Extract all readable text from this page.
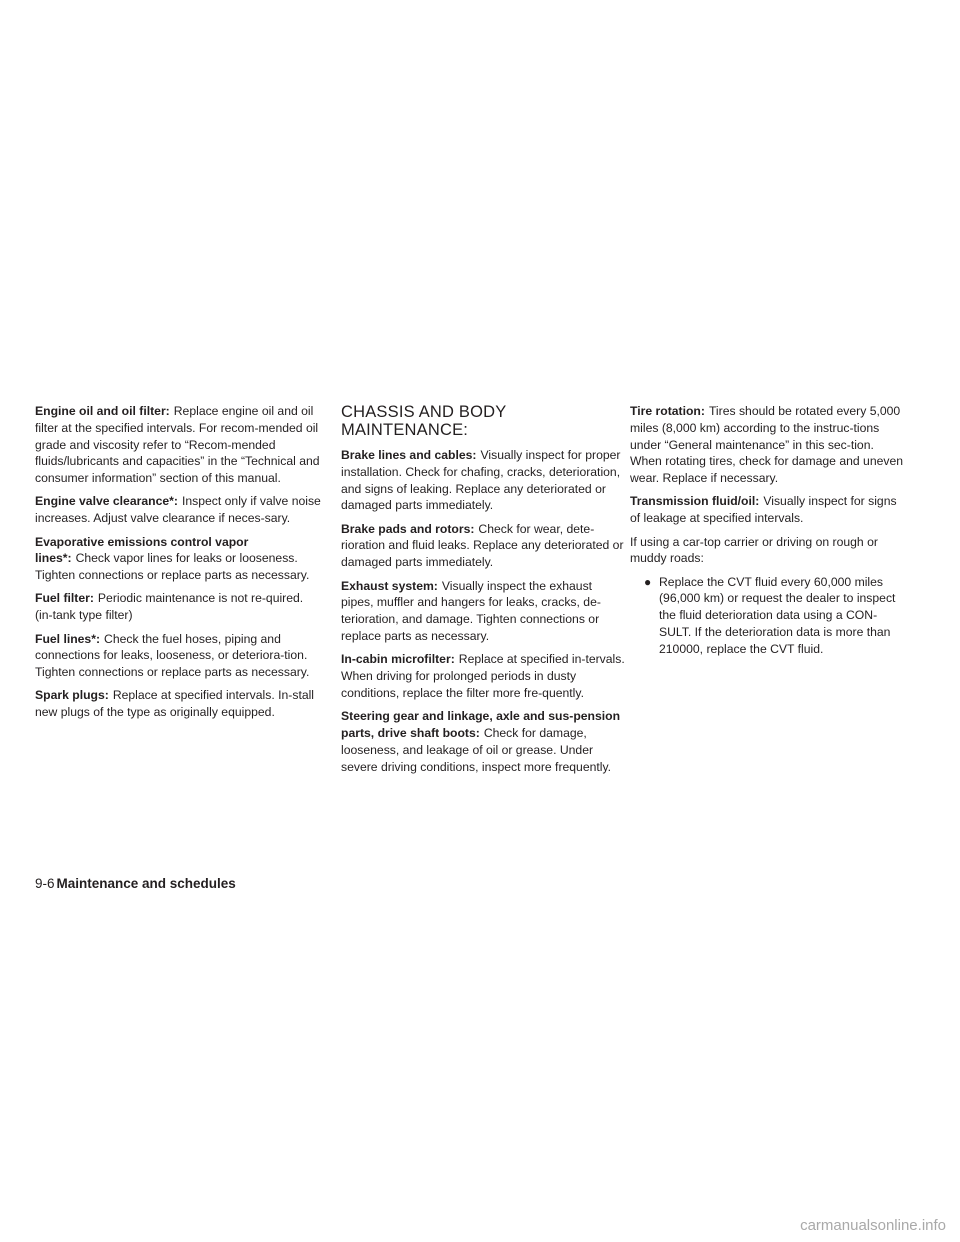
Engine oil and oil filter: Replace engine oil and oil filter at the specified intervals. For recom-mended oil grade and viscosity refer to “Recom-mended fluids/lubricants and capacities” in the “Technical and consumer information” section of this manual.

Engine valve clearance*: Inspect only if valve noise increases. Adjust valve clearance if neces-sary.

Evaporative emissions control vapor lines*: Check vapor lines for leaks or looseness. Tighten connections or replace parts as necessary.

Fuel filter: Periodic maintenance is not re-quired. (in-tank type filter)

Fuel lines*: Check the fuel hoses, piping and connections for leaks, looseness, or deteriora-tion. Tighten connections or replace parts as necessary.

Spark plugs: Replace at specified intervals. In-stall new plugs of the type as originally equipped.

CHASSIS AND BODY MAINTENANCE:

Brake lines and cables: Visually inspect for proper installation. Check for chafing, cracks, deterioration, and signs of leaking. Replace any deteriorated or damaged parts immediately.

Brake pads and rotors: Check for wear, dete-rioration and fluid leaks. Replace any deteriorated or damaged parts immediately.

Exhaust system: Visually inspect the exhaust pipes, muffler and hangers for leaks, cracks, de-terioration, and damage. Tighten connections or replace parts as necessary.

In-cabin microfilter: Replace at specified in-tervals. When driving for prolonged periods in dusty conditions, replace the filter more fre-quently.

Steering gear and linkage, axle and sus-pension parts, drive shaft boots: Check for damage, looseness, and leakage of oil or grease. Under severe driving conditions, inspect more frequently.

Tire rotation: Tires should be rotated every 5,000 miles (8,000 km) according to the instruc-tions under “General maintenance” in this sec-tion. When rotating tires, check for damage and uneven wear. Replace if necessary.

Transmission fluid/oil: Visually inspect for signs of leakage at specified intervals.

If using a car-top carrier or driving on rough or muddy roads:

● Replace the CVT fluid every 60,000 miles (96,000 km) or request the dealer to inspect the fluid deterioration data using a CON-SULT. If the deterioration data is more than 210000, replace the CVT fluid.
9-6 Maintenance and schedules
carmanualsonline.info
